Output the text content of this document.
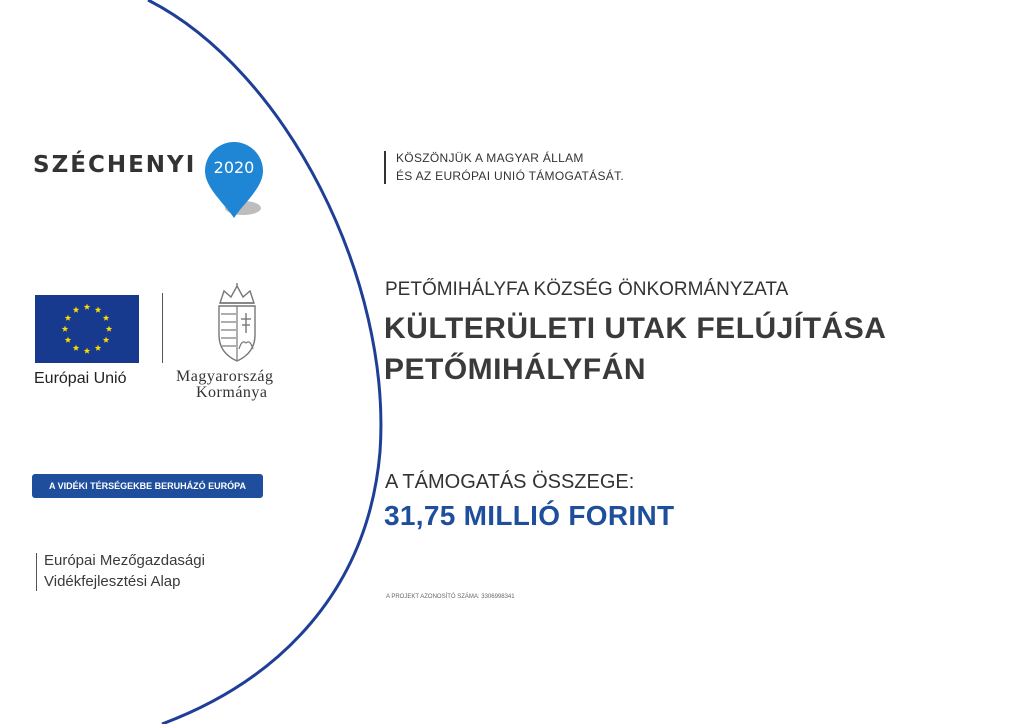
SZÉCHENYI	2020
Európai Unió	Magyarország
Kormánya
A VIDÉKI TÉRSÉGEKBE BERUHÁZÓ EURÓPA
Európai Mezőgazdasági
Vidékfejlesztési Alap
KÖSZÖNJÜK A MAGYAR ÁLLAM
ÉS AZ EURÓPAI UNIÓ TÁMOGATÁSÁT.
PETŐMIHÁLYFA KÖZSÉG ÖNKORMÁNYZATA
KÜLTERÜLETI UTAK FELÚJÍTÁSA
PETŐMIHÁLYFÁN
A TÁMOGATÁS ÖSSZEGE:
31,75 MILLIÓ FORINT
A PROJEKT AZONOSÍTÓ SZÁMA: 3306998341
